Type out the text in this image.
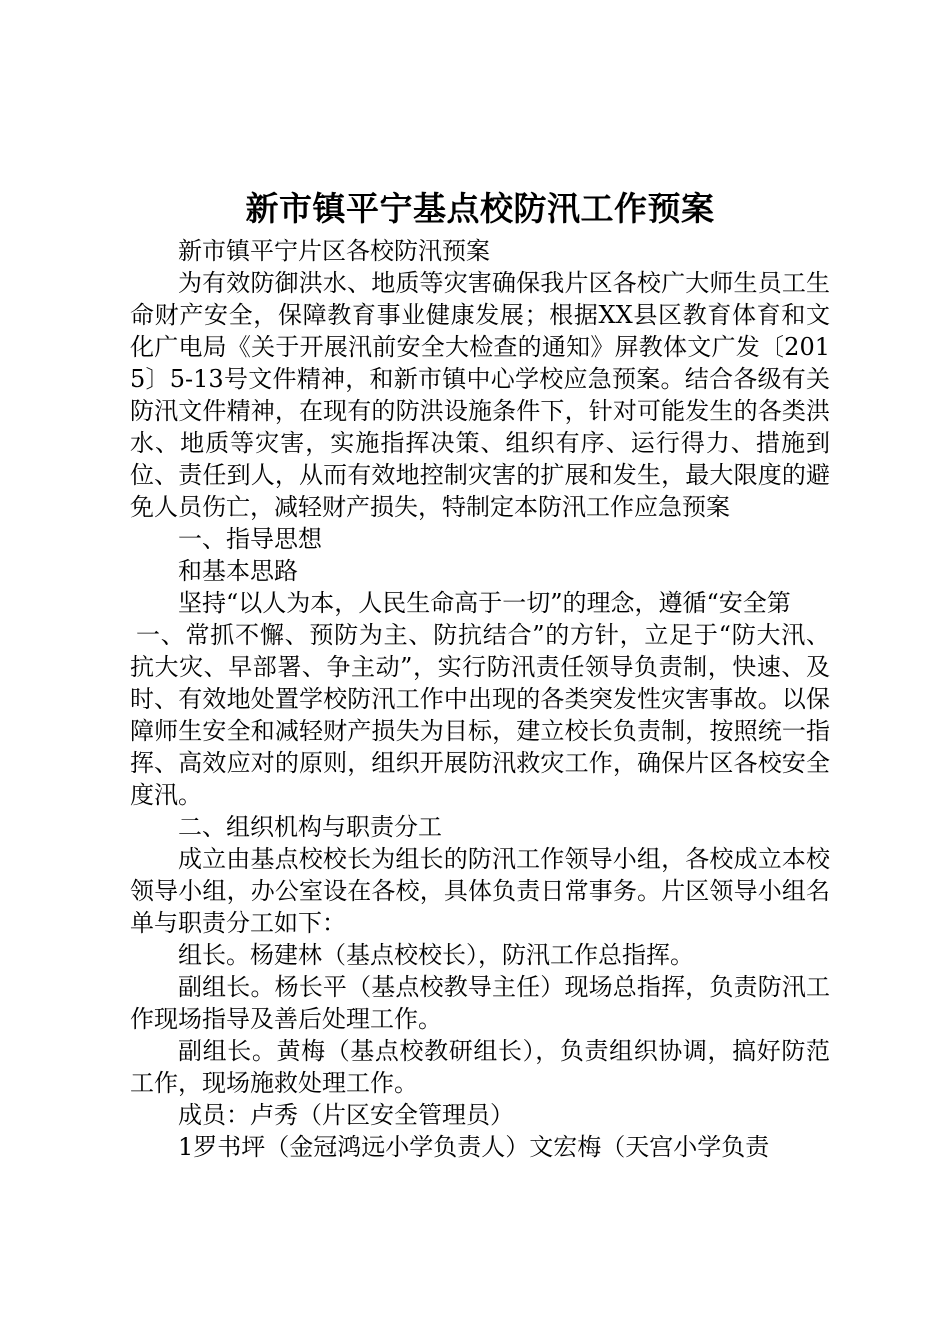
新市镇平宁基点校防汛工作预案

新市镇平宁片区各校防汛预案

为有效防御洪水、地质等灾害确保我片区各校广大师生员工生命财产安全，保障教育事业健康发展；根据XX县区教育体育和文化广电局《关于开展汛前安全大检查的通知》屏教体文广发〔2015〕5-13号文件精神，和新市镇中心学校应急预案。结合各级有关防汛文件精神，在现有的防洪设施条件下，针对可能发生的各类洪水、地质等灾害，实施指挥决策、组织有序、运行得力、措施到位、责任到人，从而有效地控制灾害的扩展和发生，最大限度的避免人员伤亡，减轻财产损失，特制定本防汛工作应急预案

一、指导思想

和基本思路

坚持“以人为本，人民生命高于一切”的理念，遵循“安全第

一、常抓不懈、预防为主、防抗结合”的方针，立足于“防大汛、抗大灾、早部署、争主动”，实行防汛责任领导负责制，快速、及时、有效地处置学校防汛工作中出现的各类突发性灾害事故。以保障师生安全和减轻财产损失为目标，建立校长负责制，按照统一指挥、高效应对的原则，组织开展防汛救灾工作，确保片区各校安全度汛。

二、组织机构与职责分工

成立由基点校校长为组长的防汛工作领导小组，各校成立本校领导小组，办公室设在各校，具体负责日常事务。片区领导小组名单与职责分工如下：

组长。杨建林（基点校校长），防汛工作总指挥。

副组长。杨长平（基点校教导主任）现场总指挥，负责防汛工作现场指导及善后处理工作。

副组长。黄梅（基点校教研组长），负责组织协调，搞好防范工作，现场施救处理工作。

成员：卢秀（片区安全管理员）

1罗书坪（金冠鸿远小学负责人）文宏梅（天宫小学负责
